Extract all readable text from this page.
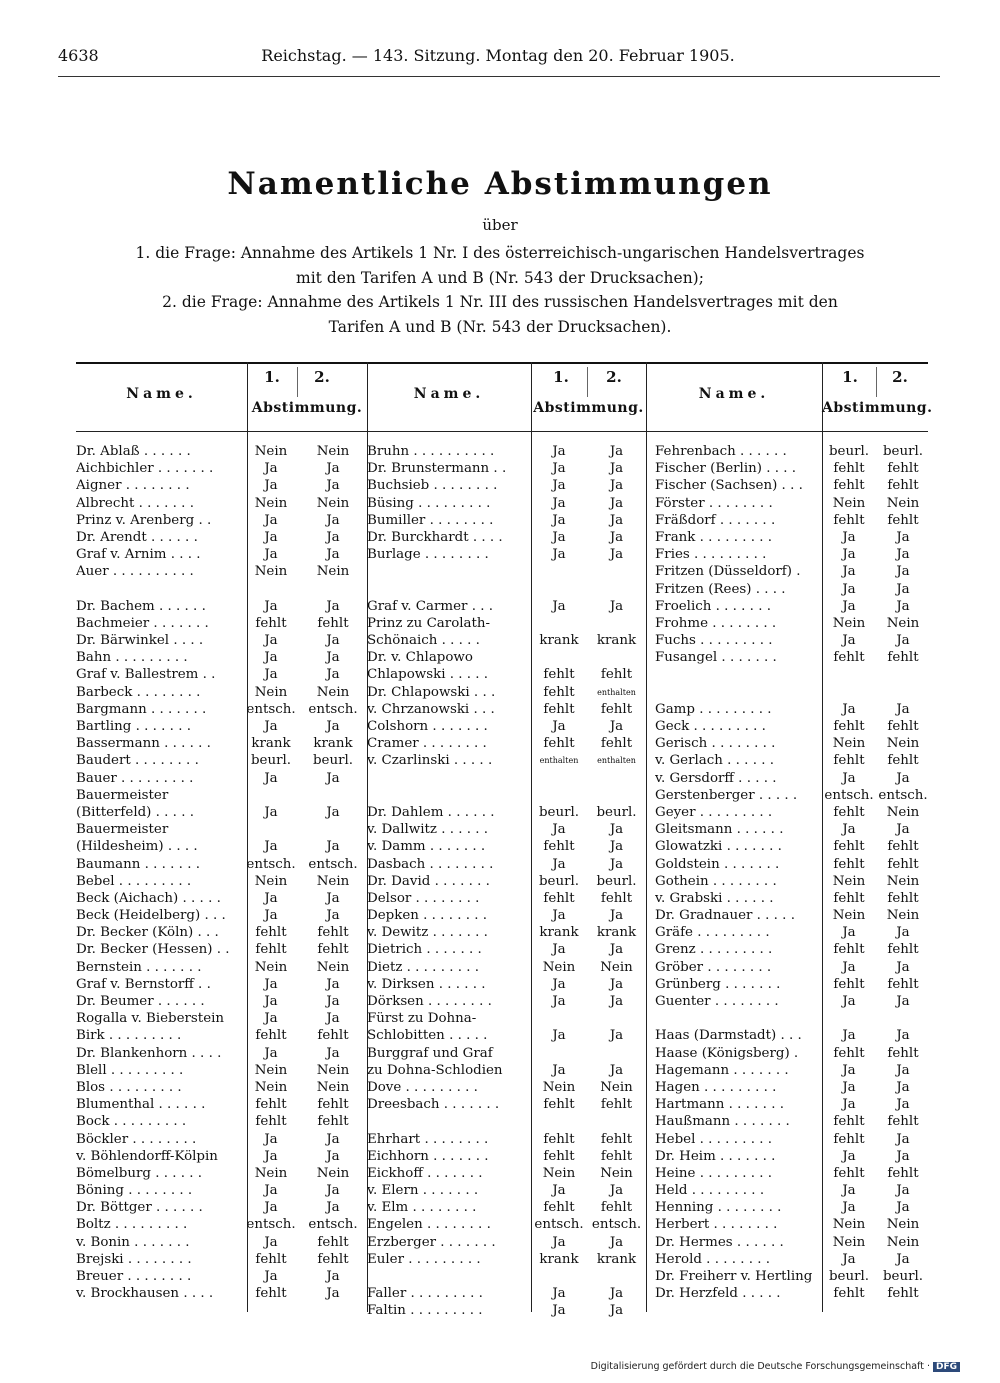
4638	Reichstag. — 143. Sitzung. Montag den 20. Februar 1905.
Namentliche Abstimmungen
über
1. die Frage: Annahme des Artikels 1 Nr. I des österreichisch-ungarischen Handelsvertrages
mit den Tarifen A und B (Nr. 543 der Drucksachen);
2. die Frage: Annahme des Artikels 1 Nr. III des russischen Handelsvertrages mit den
Tarifen A und B (Nr. 543 der Drucksachen).
Name.
1.	2.
Abstimmung.
Name.
1.	2.
Abstimmung.
Name.
1.	2.
Abstimmung.
Dr. Ablaß . . . . . .	Nein	Nein
Aichbichler . . . . . . .	Ja	Ja
Aigner . . . . . . . .	Ja	Ja
Albrecht . . . . . . .	Nein	Nein
Prinz v. Arenberg . .	Ja	Ja
Dr. Arendt . . . . . .	Ja	Ja
Graf v. Arnim . . . .	Ja	Ja
Auer . . . . . . . . . .	Nein	Nein
Dr. Bachem . . . . . .	Ja	Ja
Bachmeier . . . . . . .	fehlt	fehlt
Dr. Bärwinkel . . . .	Ja	Ja
Bahn . . . . . . . . .	Ja	Ja
Graf v. Ballestrem . .	Ja	Ja
Barbeck . . . . . . . .	Nein	Nein
Bargmann . . . . . . .	entsch. entsch.
Bartling . . . . . . .	Ja	Ja
Bassermann . . . . . .	krank	krank
Baudert . . . . . . . .	beurl.	beurl.
Bauer . . . . . . . . .	Ja	Ja
Bauermeister
(Bitterfeld) . . . . .	Ja	Ja
Bauermeister
(Hildesheim) . . . .	Ja	Ja
Baumann . . . . . . .	entsch. entsch.
Bebel . . . . . . . . .	Nein	Nein
Beck (Aichach) . . . . .	Ja	Ja
Beck (Heidelberg) . . .	Ja	Ja
Dr. Becker (Köln) . . .	fehlt	fehlt
Dr. Becker (Hessen) . .	fehlt	fehlt
Bernstein . . . . . . .	Nein	Nein
Graf v. Bernstorff . .	Ja	Ja
Dr. Beumer . . . . . .	Ja	Ja
Rogalla v. Bieberstein	Ja	Ja
Birk . . . . . . . . .	fehlt	fehlt
Dr. Blankenhorn . . . .	Ja	Ja
Blell . . . . . . . . .	Nein	Nein
Blos . . . . . . . . .	Nein	Nein
Blumenthal . . . . . .	fehlt	fehlt
Bock . . . . . . . . .	fehlt	fehlt
Böckler . . . . . . . .	Ja	Ja
v. Böhlendorff-Kölpin	Ja	Ja
Bömelburg . . . . . .	Nein	Nein
Böning . . . . . . . .	Ja	Ja
Dr. Böttger . . . . . .	Ja	Ja
Boltz . . . . . . . . .	entsch. entsch.
v. Bonin . . . . . . .	Ja	fehlt
Brejski . . . . . . . .	fehlt	fehlt
Breuer . . . . . . . .	Ja	Ja
v. Brockhausen . . . .	fehlt	Ja
Bruhn . . . . . . . . . .	Ja	Ja
Dr. Brunstermann . .	Ja	Ja
Buchsieb . . . . . . . .	Ja	Ja
Büsing . . . . . . . . .	Ja	Ja
Bumiller . . . . . . . .	Ja	Ja
Dr. Burckhardt . . . .	Ja	Ja
Burlage . . . . . . . .	Ja	Ja
Graf v. Carmer . . .	Ja	Ja
Prinz zu Carolath-
Schönaich . . . . .	krank	krank
Dr. v. Chlapowo
Chlapowski . . . . .	fehlt	fehlt
Dr. Chlapowski . . .	fehlt	enthalten
v. Chrzanowski . . .	fehlt	fehlt
Colshorn . . . . . . .	Ja	Ja
Cramer . . . . . . . .	fehlt	fehlt
v. Czarlinski . . . . .	enthalten	enthalten
Dr. Dahlem . . . . . .	beurl.	beurl.
v. Dallwitz . . . . . .	Ja	Ja
v. Damm . . . . . . .	fehlt	Ja
Dasbach . . . . . . . .	Ja	Ja
Dr. David . . . . . . .	beurl.	beurl.
Delsor . . . . . . . .	fehlt	fehlt
Depken . . . . . . . .	Ja	Ja
v. Dewitz . . . . . . .	krank	krank
Dietrich . . . . . . .	Ja	Ja
Dietz . . . . . . . . .	Nein	Nein
v. Dirksen . . . . . .	Ja	Ja
Dörksen . . . . . . . .	Ja	Ja
Fürst zu Dohna-
Schlobitten . . . . .	Ja	Ja
Burggraf und Graf
zu Dohna-Schlodien	Ja	Ja
Dove . . . . . . . . .	Nein	Nein
Dreesbach . . . . . . .	fehlt	fehlt
Ehrhart . . . . . . . .	fehlt	fehlt
Eichhorn . . . . . . .	fehlt	fehlt
Eickhoff . . . . . . .	Nein	Nein
v. Elern . . . . . . .	Ja	Ja
v. Elm . . . . . . . .	fehlt	fehlt
Engelen . . . . . . . .	entsch. entsch.
Erzberger . . . . . . .	Ja	Ja
Euler . . . . . . . . .	krank	krank
Faller . . . . . . . . .	Ja	Ja
Faltin . . . . . . . . .	Ja	Ja
Fehrenbach . . . . . .	beurl.	beurl.
Fischer (Berlin) . . . .	fehlt	fehlt
Fischer (Sachsen) . . .	fehlt	fehlt
Förster . . . . . . . .	Nein	Nein
Fräßdorf . . . . . . .	fehlt	fehlt
Frank . . . . . . . . .	Ja	Ja
Fries . . . . . . . . .	Ja	Ja
Fritzen (Düsseldorf) .	Ja	Ja
Fritzen (Rees) . . . .	Ja	Ja
Froelich . . . . . . .	Ja	Ja
Frohme . . . . . . . .	Nein	Nein
Fuchs . . . . . . . . .	Ja	Ja
Fusangel . . . . . . .	fehlt	fehlt
Gamp . . . . . . . . .	Ja	Ja
Geck . . . . . . . . .	fehlt	fehlt
Gerisch . . . . . . . .	Nein	Nein
v. Gerlach . . . . . .	fehlt	fehlt
v. Gersdorff . . . . .	Ja	Ja
Gerstenberger . . . . .	entsch. entsch.
Geyer . . . . . . . . .	fehlt	Nein
Gleitsmann . . . . . .	Ja	Ja
Glowatzki . . . . . . .	fehlt	fehlt
Goldstein . . . . . . .	fehlt	fehlt
Gothein . . . . . . . .	Nein	Nein
v. Grabski . . . . . .	fehlt	fehlt
Dr. Gradnauer . . . . .	Nein	Nein
Gräfe . . . . . . . . .	Ja	Ja
Grenz . . . . . . . . .	fehlt	fehlt
Gröber . . . . . . . .	Ja	Ja
Grünberg . . . . . . .	fehlt	fehlt
Guenter . . . . . . . .	Ja	Ja
Haas (Darmstadt) . . .	Ja	Ja
Haase (Königsberg) .	fehlt	fehlt
Hagemann . . . . . . .	Ja	Ja
Hagen . . . . . . . . .	Ja	Ja
Hartmann . . . . . . .	Ja	Ja
Haußmann . . . . . . .	fehlt	fehlt
Hebel . . . . . . . . .	fehlt	Ja
Dr. Heim . . . . . . .	Ja	Ja
Heine . . . . . . . . .	fehlt	fehlt
Held . . . . . . . . .	Ja	Ja
Henning . . . . . . . .	Ja	Ja
Herbert . . . . . . . .	Nein	Nein
Dr. Hermes . . . . . .	Nein	Nein
Herold . . . . . . . .	Ja	Ja
Dr. Freiherr v. Hertling	beurl.	beurl.
Dr. Herzfeld . . . . .	fehlt	fehlt
Digitalisierung gefördert durch die Deutsche Forschungsgemeinschaft · DFG
